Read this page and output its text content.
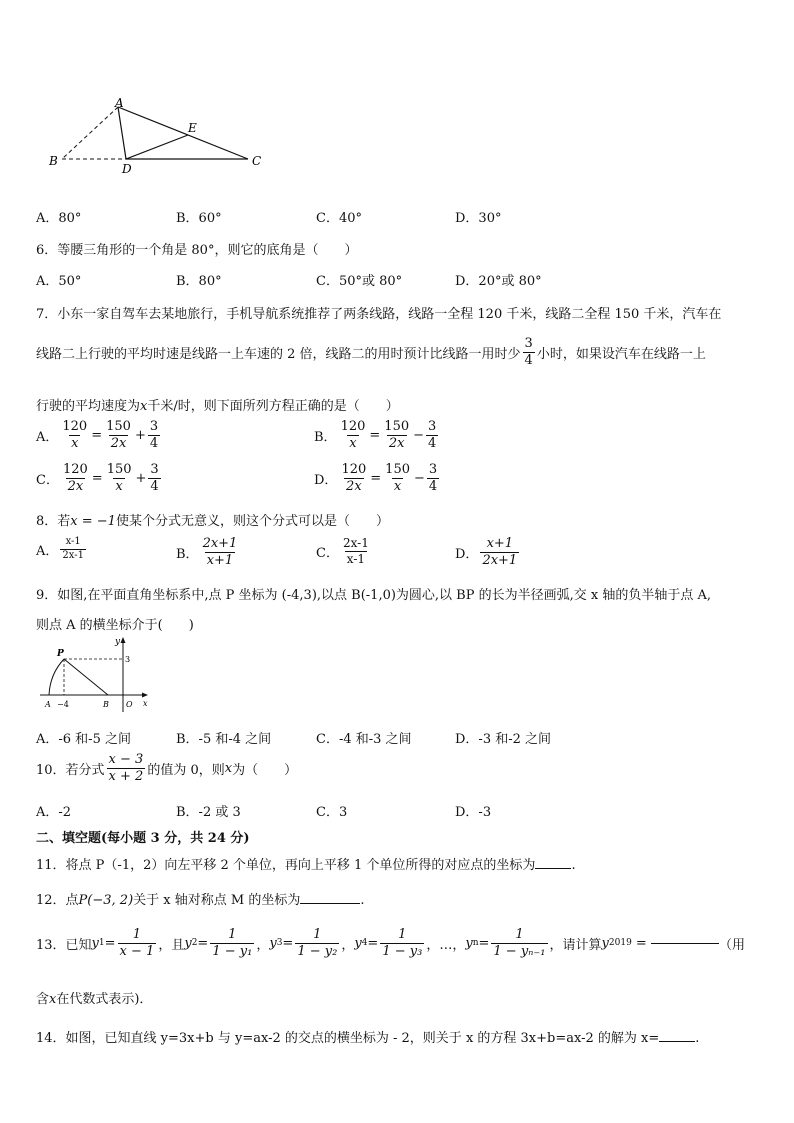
A
B	C
D
E
A．80°	B．60°	C．40°	D．30°
6．等腰三角形的一个角是 80°，则它的底角是（　　）
A．50°	B．80°	C．50°或 80°	D．20°或 80°
7．小东一家自驾车去某地旅行，手机导航系统推荐了两条线路，线路一全程 120 千米，线路二全程 150 千米，汽车在
线路二上行驶的平均时速是线路一上车速的 2 倍，线路二的用时预计比线路一用时少 $\frac{3}{4}$ 小时，如果设汽车在线路一上
行驶的平均速度为x千米/时，则下面所列方程正确的是（　　）
A． $\frac{120}{x} = \frac{150}{2x} + \frac{3}{4}$	B． $\frac{120}{x} = \frac{150}{2x} - \frac{3}{4}$
C． $\frac{120}{2x} = \frac{150}{x} + \frac{3}{4}$	D． $\frac{120}{2x} = \frac{150}{x} - \frac{3}{4}$
8．若x = −1使某个分式无意义，则这个分式可以是（　　）
A． $\frac{x-1}{2x-1}$	B． $\frac{2x+1}{x+1}$	C． $\frac{2x-1}{x-1}$	D． $\frac{x+1}{2x+1}$
9．如图,在平面直角坐标系中,点 P 坐标为 (-4,3),以点 B(-1,0)为圆心,以 BP 的长为半径画弧,交 x 轴的负半轴于点 A,
则点 A 的横坐标介于(　　)
y
P
3
A −4	B O x
A．-6 和-5 之间	B．-5 和-4 之间	C．-4 和-3 之间	D．-3 和-2 之间
10．若分式 $\frac{x - 3}{x + 2}$ 的值为 0，则 x 为（　　）
A．-2	B．-2 或 3	C．3	D．-3
二、填空题(每小题 3 分，共 24 分)
11．将点 P（-1，2）向左平移 2 个单位，再向上平移 1 个单位所得的对应点的坐标为	.
12．点P(−3, 2)关于 x 轴对称点 M 的坐标为	.
13．已知 y $1 = \frac{1}{x - 1}$ ，且 y $2 = \frac{1}{\text{1 − y₁}}$ ， y $3 = \frac{1}{\text{1 − y₂}}$ ， y $4 = \frac{1}{\text{1 − y₃}}$ ，…， y $n = \frac{1}{\text{1 − yₙ₋₁}}$ ，请计算 y 2019 =	（用
含x在代数式表示)．
14．如图，已知直线 y=3x+b 与 y=ax-2 的交点的横坐标为 - 2，则关于 x 的方程 3x+b=ax-2 的解为 x=	.
